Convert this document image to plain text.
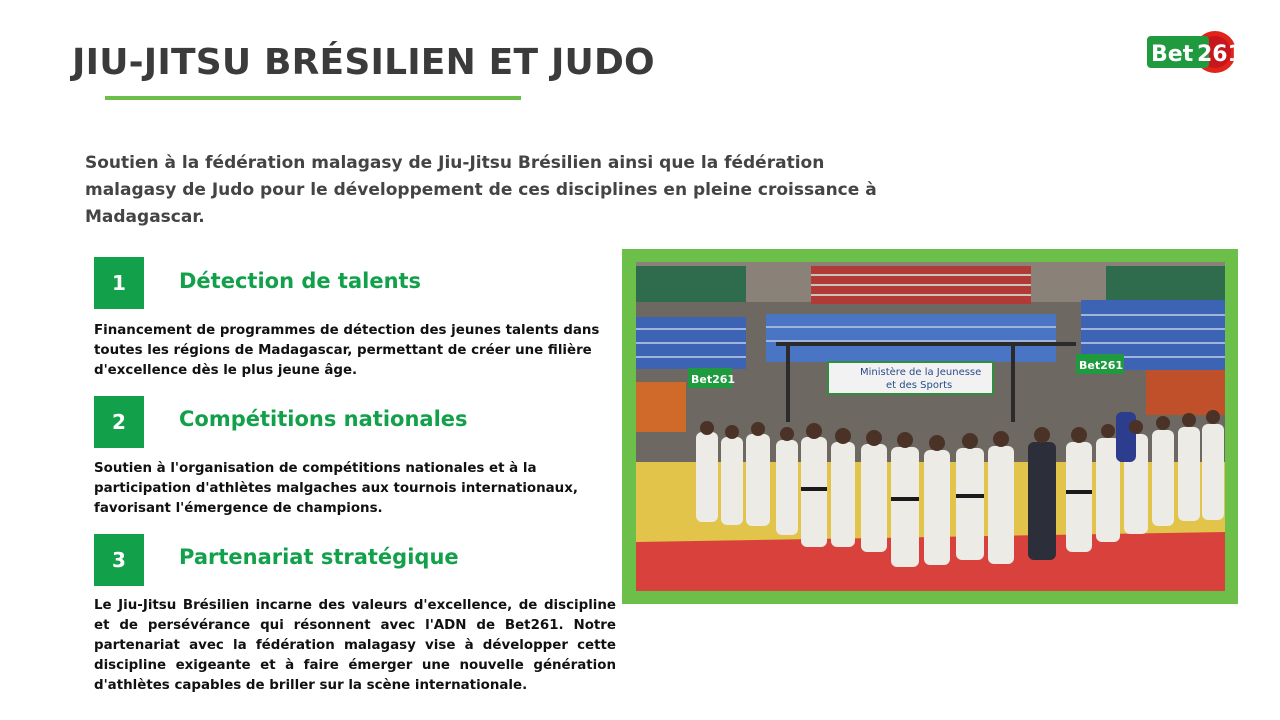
JIU-JITSU BRÉSILIEN ET JUDO	Bet 261
Soutien à la fédération malagasy de Jiu-Jitsu Brésilien ainsi que la fédération malagasy de Judo pour le développement de ces disciplines en pleine croissance à Madagascar.
1	Détection de talents
Financement de programmes de détection des jeunes talents dans toutes les régions de Madagascar, permettant de créer une filière d'excellence dès le plus jeune âge.
2	Compétitions nationales
Soutien à l'organisation de compétitions nationales et à la participation d'athlètes malgaches aux tournois internationaux, favorisant l'émergence de champions.
3	Partenariat stratégique
Le Jiu-Jitsu Brésilien incarne des valeurs d'excellence, de discipline et de persévérance qui résonnent avec l'ADN de Bet261. Notre partenariat avec la fédération malagasy vise à développer cette discipline exigeante et à faire émerger une nouvelle génération d'athlètes capables de briller sur la scène internationale.
Ministère de la Jeunesse
et des Sports
Bet261
Bet261
